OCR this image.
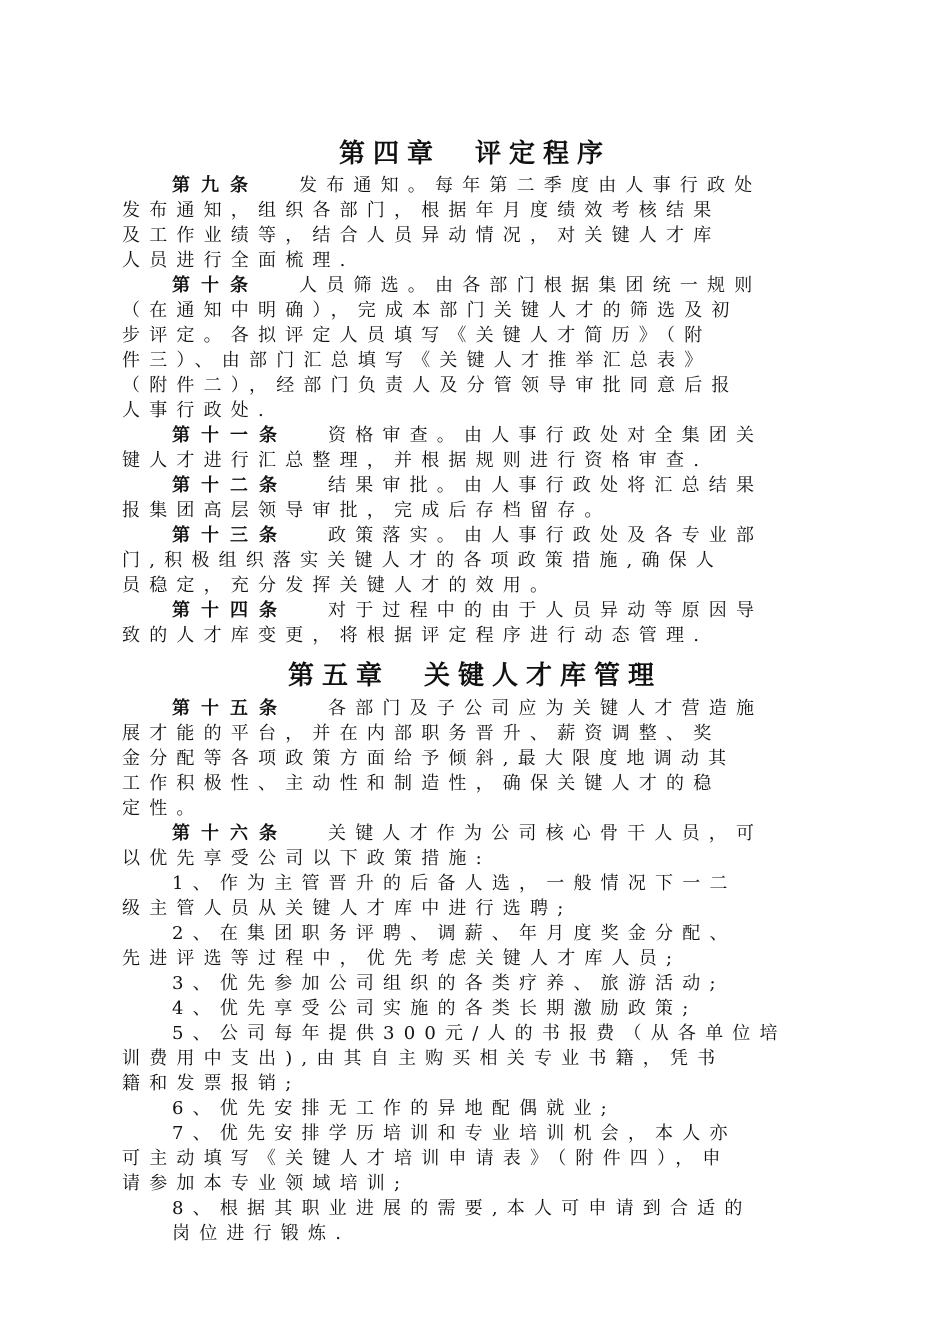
第四章　评定程序
第九条 发布通知。每年第二季度由人事行政处
发布通知，组织各部门，根据年月度绩效考核结果
及工作业绩等，结合人员异动情况，对关键人才库
人员进行全面梳理.
第十条 人员筛选。由各部门根据集团统一规则
（在通知中明确），完成本部门关键人才的筛选及初
步评定。各拟评定人员填写《关键人才简历》（附
件三）、由部门汇总填写《关键人才推举汇总表》
（附件二），经部门负责人及分管领导审批同意后报
人事行政处.
第十一条 资格审查。由人事行政处对全集团关
键人才进行汇总整理，并根据规则进行资格审查.
第十二条 结果审批。由人事行政处将汇总结果
报集团高层领导审批，完成后存档留存。
第十三条 政策落实。由人事行政处及各专业部
门,积极组织落实关键人才的各项政策措施,确保人
员稳定，充分发挥关键人才的效用。
第十四条 对于过程中的由于人员异动等原因导
致的人才库变更，将根据评定程序进行动态管理.
第五章　关键人才库管理
第十五条 各部门及子公司应为关键人才营造施
展才能的平台，并在内部职务晋升、薪资调整、奖
金分配等各项政策方面给予倾斜,最大限度地调动其
工作积极性、主动性和制造性，确保关键人才的稳
定性。
第十六条 关键人才作为公司核心骨干人员，可
以优先享受公司以下政策措施:
1、作为主管晋升的后备人选，一般情况下一二
级主管人员从关键人才库中进行选聘;
2、在集团职务评聘、调薪、年月度奖金分配、
先进评选等过程中，优先考虑关键人才库人员;
3、优先参加公司组织的各类疗养、旅游活动;
4、优先享受公司实施的各类长期激励政策;
5、公司每年提供300元/人的书报费（从各单位培
训费用中支出),由其自主购买相关专业书籍，凭书
籍和发票报销;
6、优先安排无工作的异地配偶就业;
7、优先安排学历培训和专业培训机会，本人亦
可主动填写《关键人才培训申请表》（附件四），申
请参加本专业领域培训;
8、根据其职业进展的需要,本人可申请到合适的
岗位进行锻炼.
